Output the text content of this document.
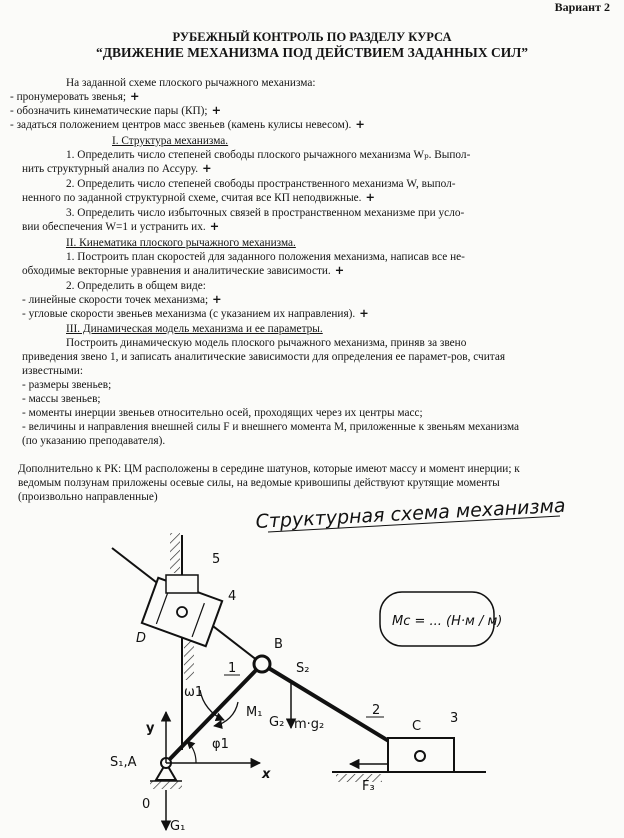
Вариант 2
РУБЕЖНЫЙ КОНТРОЛЬ ПО РАЗДЕЛУ КУРСА
“ДВИЖЕНИЕ МЕХАНИЗМА ПОД ДЕЙСТВИЕМ ЗАДАННЫХ СИЛ”
На заданной схеме плоского рычажного механизма:
- пронумеровать звенья; +
- обозначить кинематические пары (КП); +
- задаться положением центров масс звеньев (камень кулисы невесом). +
I. Структура механизма.
1. Определить число степеней свободы плоского рычажного механизма Wₚ. Выпол-
нить структурный анализ по Ассуру. +
2. Определить число степеней свободы пространственного механизма W, выпол-
ненного по заданной структурной схеме, считая все КП неподвижные. +
3. Определить число избыточных связей в пространственном механизме при усло-
вии обеспечения W=1 и устранить их. +
II. Кинематика плоского рычажного механизма.
1. Построить план скоростей для заданного положения механизма, написав все не-
обходимые векторные уравнения и аналитические зависимости. +
2. Определить в общем виде:
- линейные скорости точек механизма; +
- угловые скорости звеньев механизма (с указанием их направления). +
III. Динамическая модель механизма и ее параметры.
Построить динамическую модель плоского рычажного механизма, приняв за звено
приведения звено 1, и записать аналитические зависимости для определения ее парамет-ров, считая
известными:
- размеры звеньев;
- массы звеньев;
- моменты инерции звеньев относительно осей, проходящих через их центры масс;
- величины и направления внешней силы F и внешнего момента M, приложенные к звеньям механизма
(по указанию преподавателя).
Дополнительно к РК: ЦМ расположены в середине шатунов, которые имеют массу и момент инерции; к
ведомым ползунам приложены осевые силы, на ведомые кривошипы действуют крутящие моменты
(произвольно направленные)	Структурная схема механизма
Mc = ... (Н·м / м)
5
4
D	B
S₂
1
2
3
C
ω1
M₁
G₂ m·g₂
y
x
φ1
S₁,A
0
G₁
F₃
